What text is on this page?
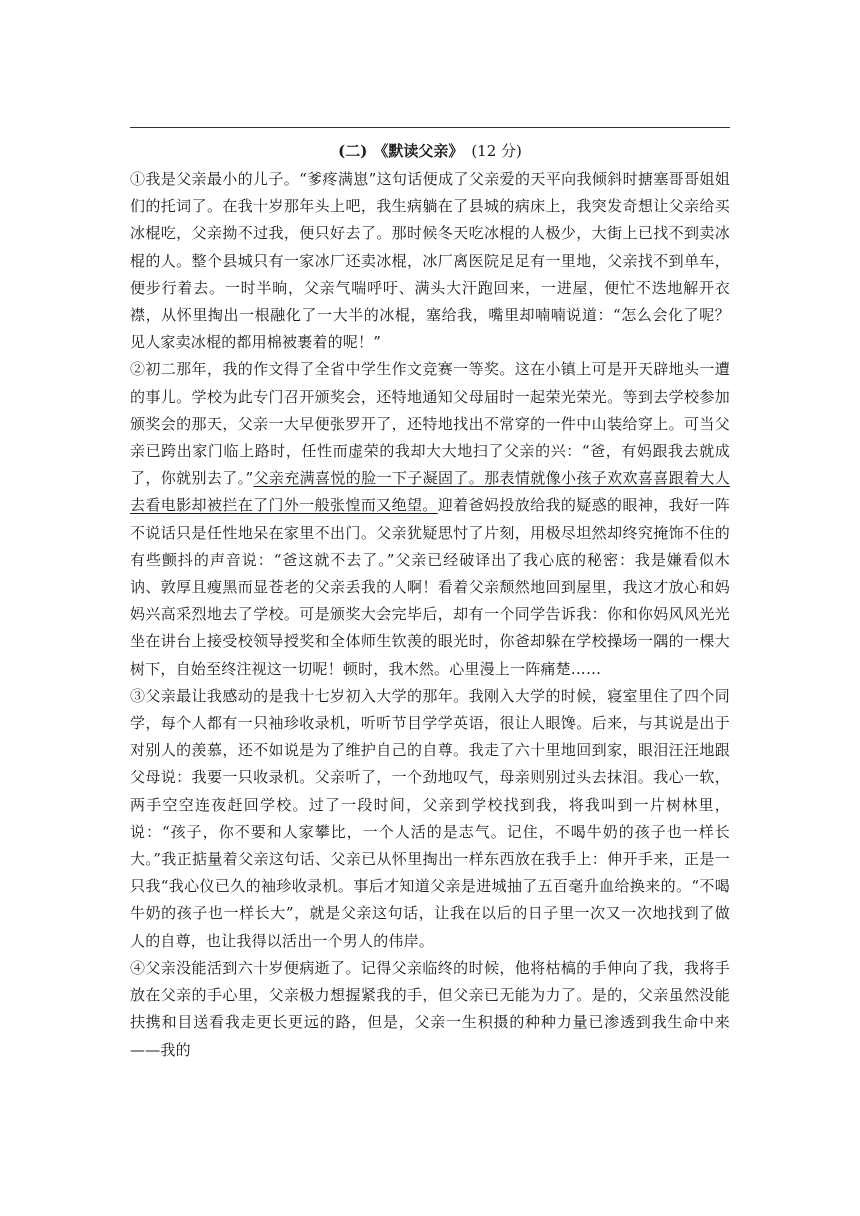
(二) 《默读父亲》 (12 分)

①我是父亲最小的儿子。“爹疼满崽”这句话便成了父亲爱的天平向我倾斜时搪塞哥哥姐姐们的托词了。在我十岁那年头上吧，我生病躺在了县城的病床上，我突发奇想让父亲给买冰棍吃，父亲拗不过我，便只好去了。那时候冬天吃冰棍的人极少，大街上已找不到卖冰棍的人。整个县城只有一家冰厂还卖冰棍，冰厂离医院足足有一里地，父亲找不到单车，便步行着去。一时半晌，父亲气喘呼吁、满头大汗跑回来，一进屋，便忙不迭地解开衣襟，从怀里掏出一根融化了一大半的冰棍，塞给我，嘴里却喃喃说道：“怎么会化了呢？见人家卖冰棍的都用棉被裹着的呢！”

②初二那年，我的作文得了全省中学生作文竞赛一等奖。这在小镇上可是开天辟地头一遭的事儿。学校为此专门召开颁奖会，还特地通知父母届时一起荣光荣光。等到去学校参加颁奖会的那天，父亲一大早便张罗开了，还特地找出不常穿的一件中山装给穿上。可当父亲已跨出家门临上路时，任性而虚荣的我却大大地扫了父亲的兴：“爸，有妈跟我去就成了，你就别去了。”父亲充满喜悦的脸一下子凝固了。那表情就像小孩子欢欢喜喜跟着大人去看电影却被拦在了门外一般张惶而又绝望。迎着爸妈投放给我的疑惑的眼神，我好一阵不说话只是任性地呆在家里不出门。父亲犹疑思忖了片刻，用极尽坦然却终究掩饰不住的有些颤抖的声音说：“爸这就不去了。”父亲已经破译出了我心底的秘密：我是嫌看似木讷、敦厚且瘦黑而显苍老的父亲丢我的人啊！看着父亲颓然地回到屋里，我这才放心和妈妈兴高采烈地去了学校。可是颁奖大会完毕后，却有一个同学告诉我：你和你妈风风光光坐在讲台上接受校领导授奖和全体师生钦羡的眼光时，你爸却躲在学校操场一隅的一棵大树下，自始至终注视这一切呢！顿时，我木然。心里漫上一阵痛楚……

③父亲最让我感动的是我十七岁初入大学的那年。我刚入大学的时候，寝室里住了四个同学，每个人都有一只袖珍收录机，听听节目学学英语，很让人眼馋。后来，与其说是出于对别人的羡慕，还不如说是为了维护自己的自尊。我走了六十里地回到家，眼泪汪汪地跟父母说：我要一只收录机。父亲听了，一个劲地叹气，母亲则别过头去抹泪。我心一软，两手空空连夜赶回学校。过了一段时间，父亲到学校找到我，将我叫到一片树林里，说：“孩子，你不要和人家攀比，一个人活的是志气。记住，不喝牛奶的孩子也一样长大。”我正掂量着父亲这句话、父亲已从怀里掏出一样东西放在我手上：伸开手来，正是一只我“我心仪已久的袖珍收录机。事后才知道父亲是进城抽了五百毫升血给换来的。“不喝牛奶的孩子也一样长大”，就是父亲这句话，让我在以后的日子里一次又一次地找到了做人的自尊，也让我得以活出一个男人的伟岸。

④父亲没能活到六十岁便病逝了。记得父亲临终的时候，他将枯槁的手伸向了我，我将手放在父亲的手心里，父亲极力想握紧我的手，但父亲已无能为力了。是的，父亲虽然没能扶携和目送看我走更长更远的路，但是，父亲一生积摄的种种力量已渗透到我生命中来——我的
